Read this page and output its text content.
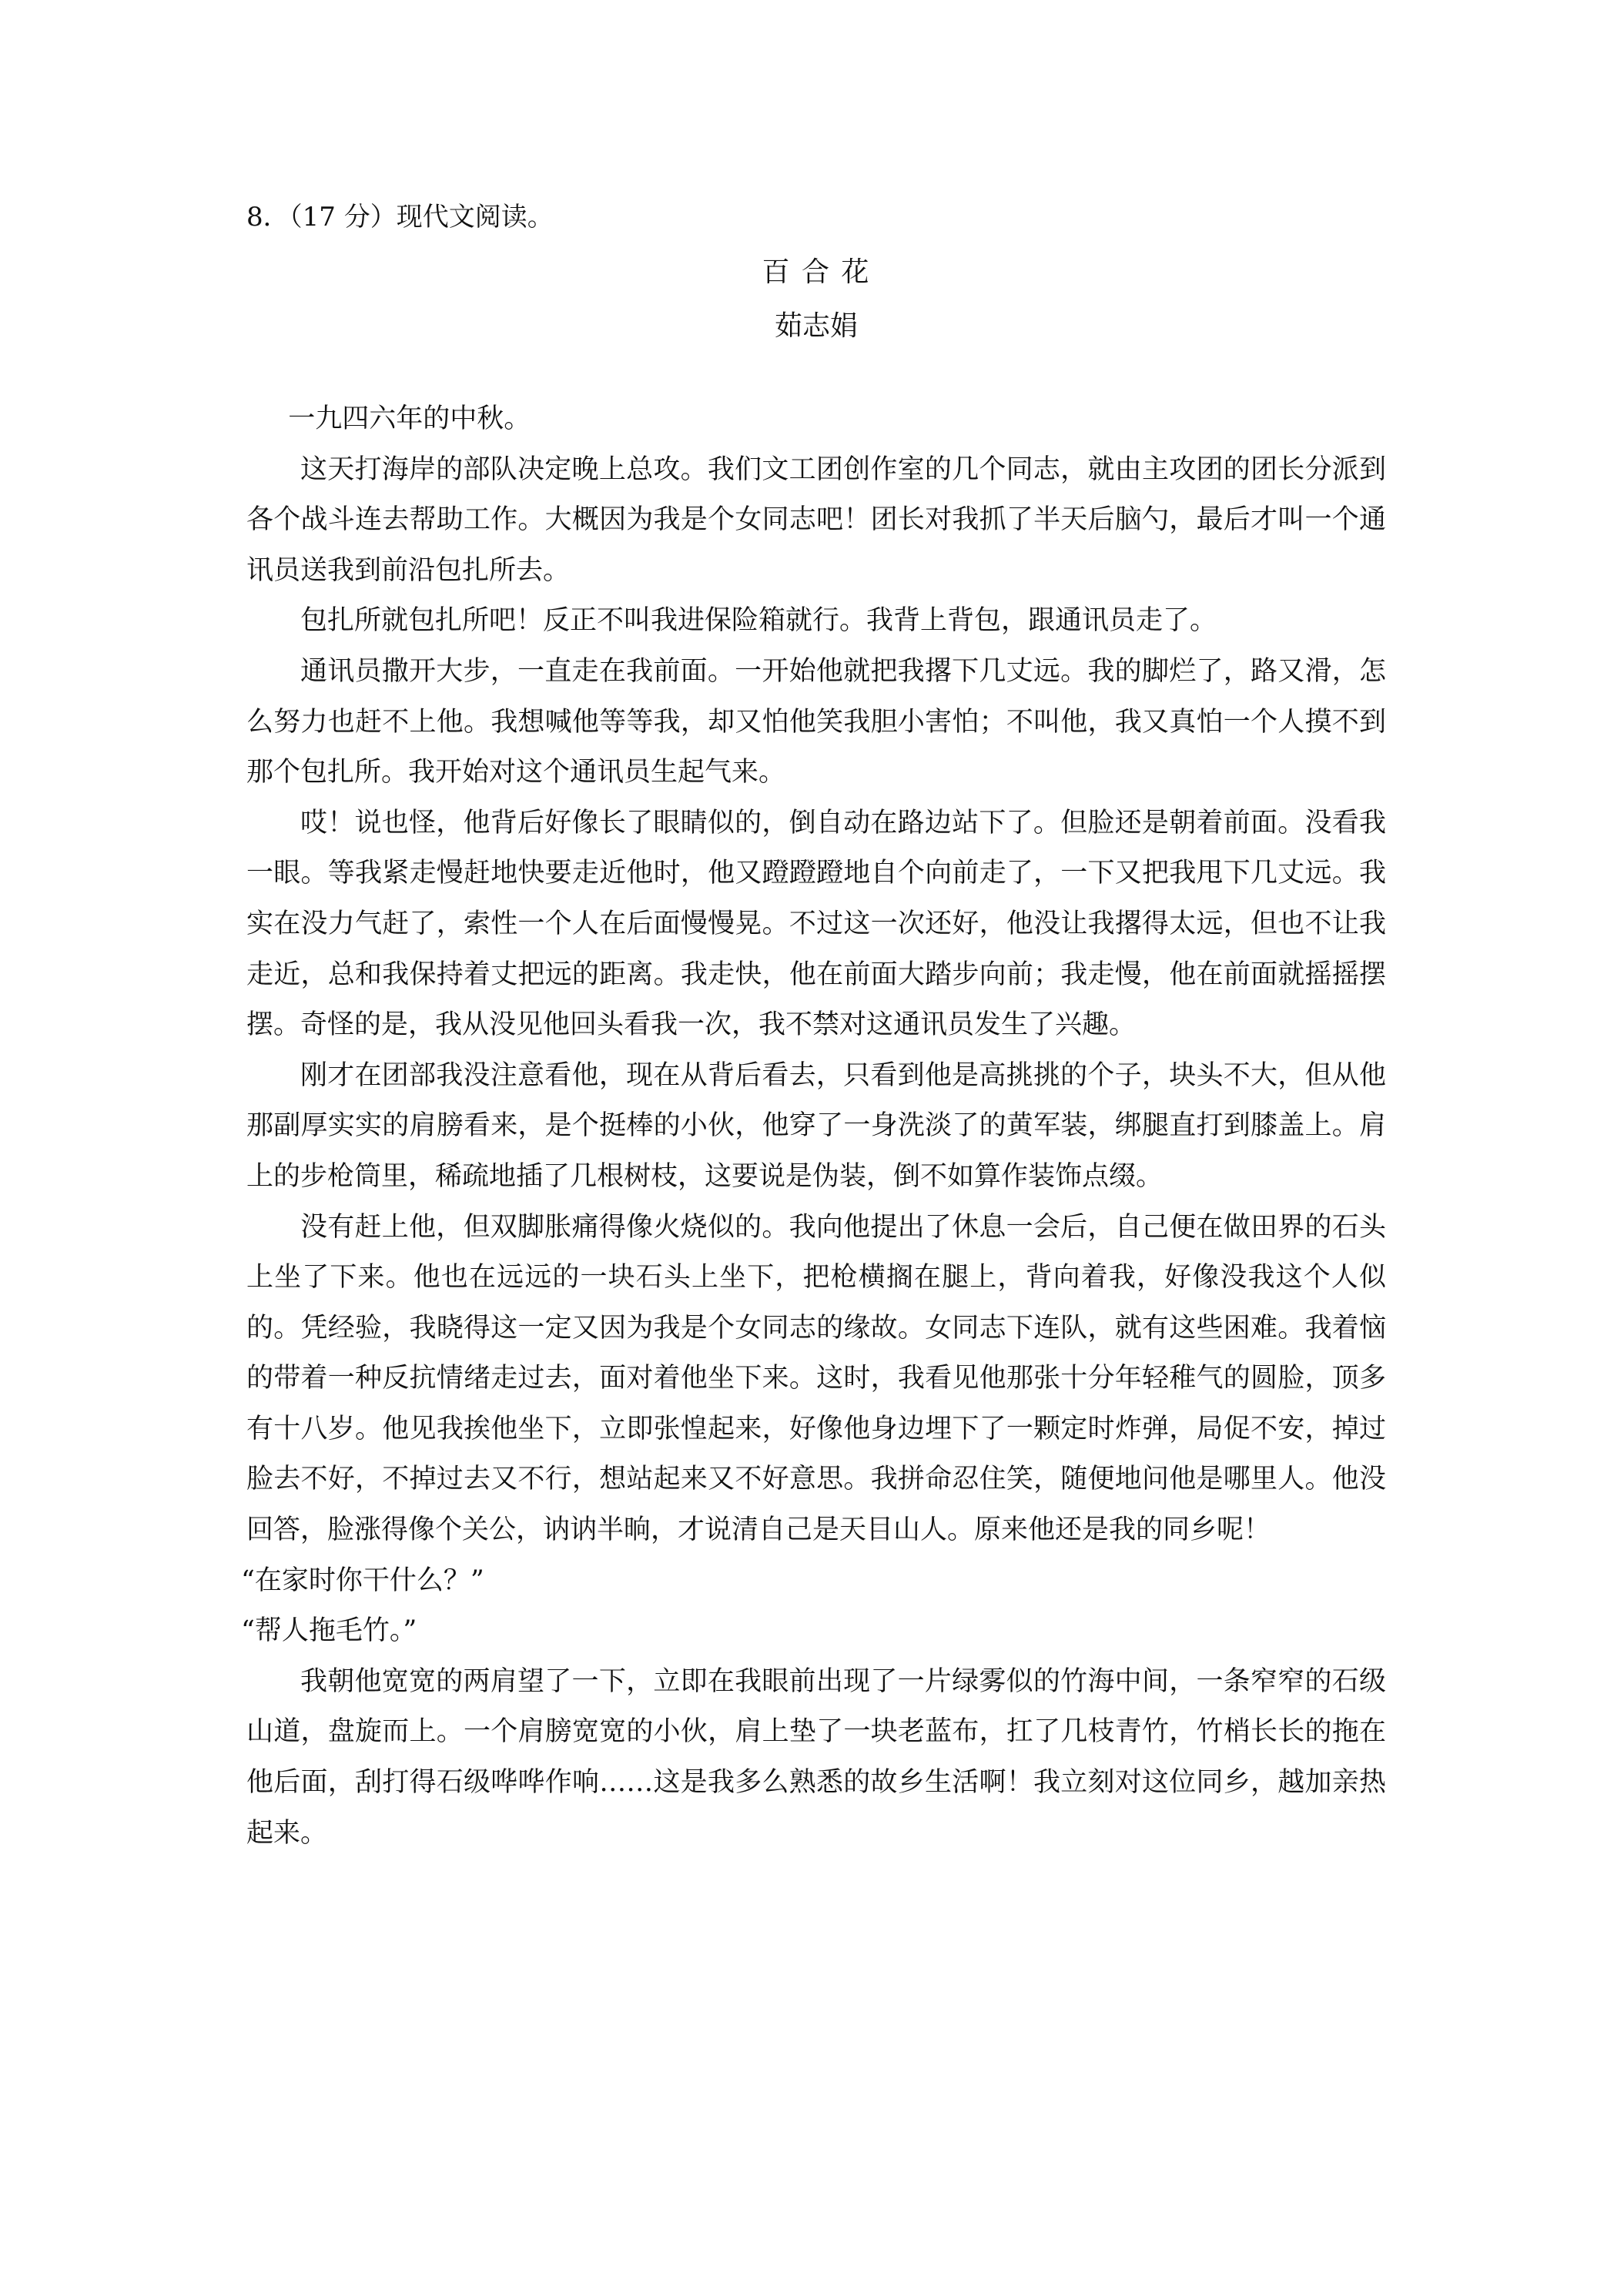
8．（17 分）现代文阅读。
百 合 花
茹志娟

一九四六年的中秋。

这天打海岸的部队决定晚上总攻。我们文工团创作室的几个同志，就由主攻团的团长分派到各个战斗连去帮助工作。大概因为我是个女同志吧！团长对我抓了半天后脑勺，最后才叫一个通讯员送我到前沿包扎所去。

包扎所就包扎所吧！反正不叫我进保险箱就行。我背上背包，跟通讯员走了。

通讯员撒开大步，一直走在我前面。一开始他就把我撂下几丈远。我的脚烂了，路又滑，怎么努力也赶不上他。我想喊他等等我，却又怕他笑我胆小害怕；不叫他，我又真怕一个人摸不到那个包扎所。我开始对这个通讯员生起气来。

哎！说也怪，他背后好像长了眼睛似的，倒自动在路边站下了。但脸还是朝着前面。没看我一眼。等我紧走慢赶地快要走近他时，他又蹬蹬蹬地自个向前走了，一下又把我甩下几丈远。我实在没力气赶了，索性一个人在后面慢慢晃。不过这一次还好，他没让我撂得太远，但也不让我走近，总和我保持着丈把远的距离。我走快，他在前面大踏步向前；我走慢，他在前面就摇摇摆摆。奇怪的是，我从没见他回头看我一次，我不禁对这通讯员发生了兴趣。

刚才在团部我没注意看他，现在从背后看去，只看到他是高挑挑的个子，块头不大，但从他那副厚实实的肩膀看来，是个挺棒的小伙，他穿了一身洗淡了的黄军装，绑腿直打到膝盖上。肩上的步枪筒里，稀疏地插了几根树枝，这要说是伪装，倒不如算作装饰点缀。

没有赶上他，但双脚胀痛得像火烧似的。我向他提出了休息一会后，自己便在做田界的石头上坐了下来。他也在远远的一块石头上坐下，把枪横搁在腿上，背向着我，好像没我这个人似的。凭经验，我晓得这一定又因为我是个女同志的缘故。女同志下连队，就有这些困难。我着恼的带着一种反抗情绪走过去，面对着他坐下来。这时，我看见他那张十分年轻稚气的圆脸，顶多有十八岁。他见我挨他坐下，立即张惶起来，好像他身边埋下了一颗定时炸弹，局促不安，掉过脸去不好，不掉过去又不行，想站起来又不好意思。我拼命忍住笑，随便地问他是哪里人。他没回答，脸涨得像个关公，讷讷半晌，才说清自己是天目山人。原来他还是我的同乡呢！

“在家时你干什么？”

“帮人拖毛竹。”

我朝他宽宽的两肩望了一下，立即在我眼前出现了一片绿雾似的竹海中间，一条窄窄的石级山道，盘旋而上。一个肩膀宽宽的小伙，肩上垫了一块老蓝布，扛了几枝青竹，竹梢长长的拖在他后面，刮打得石级哗哗作响……这是我多么熟悉的故乡生活啊！我立刻对这位同乡，越加亲热起来。
